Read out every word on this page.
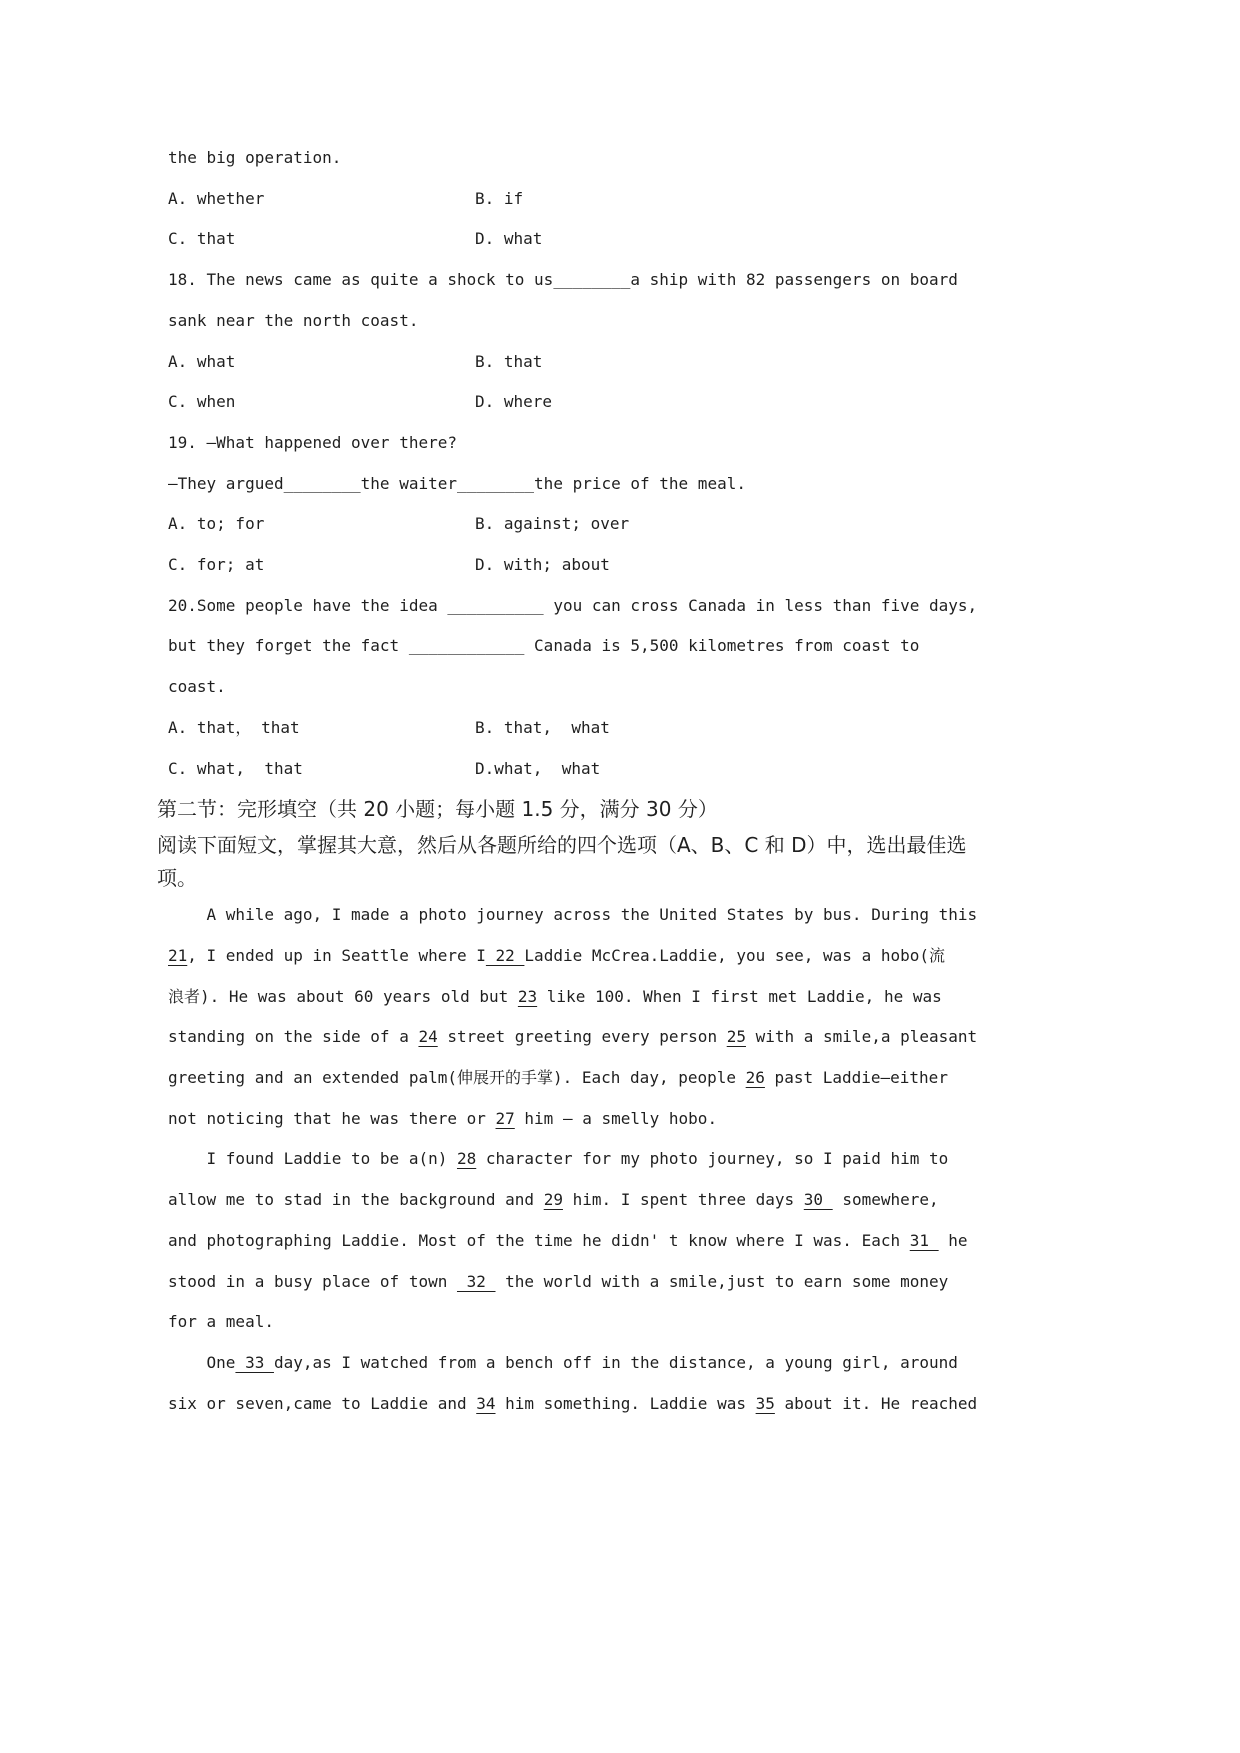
the big operation.
A. whether	B. if
C. that	D. what
18. The news came as quite a shock to us________a ship with 82 passengers on board
sank near the north coast.
A. what	B. that
C. when	D. where
19. —What happened over there?
—They argued________the waiter________the price of the meal.
A. to; for	B. against; over
C. for; at	D. with; about
20.Some people have the idea __________ you can cross Canada in less than five days,
but they forget the fact ____________ Canada is 5,500 kilometres from coast to
coast.
A. that， that	B. that,  what
C. what,  that	D.what,  what
第二节：完形填空（共 20 小题；每小题 1.5 分，满分 30 分）
阅读下面短文，掌握其大意，然后从各题所给的四个选项（A、B、C 和 D）中，选出最佳选
项。
A while ago, I made a photo journey across the United States by bus. During this
21, I ended up in Seattle where I 22 Laddie McCrea.Laddie, you see, was a hobo(流
浪者). He was about 60 years old but 23 like 100. When I first met Laddie, he was
standing on the side of a 24 street greeting every person 25 with a smile,a pleasant
greeting and an extended palm(伸展开的手掌). Each day, people 26 past Laddie—either
not noticing that he was there or 27 him — a smelly hobo.
I found Laddie to be a(n) 28 character for my photo journey, so I paid him to
allow me to stad in the background and 29 him. I spent three days 30  somewhere,
and photographing Laddie. Most of the time he didn' t know where I was. Each 31  he
stood in a busy place of town  32  the world with a smile,just to earn some money
for a meal.
One 33 day,as I watched from a bench off in the distance, a young girl, around
six or seven,came to Laddie and 34 him something. Laddie was 35 about it. He reached
